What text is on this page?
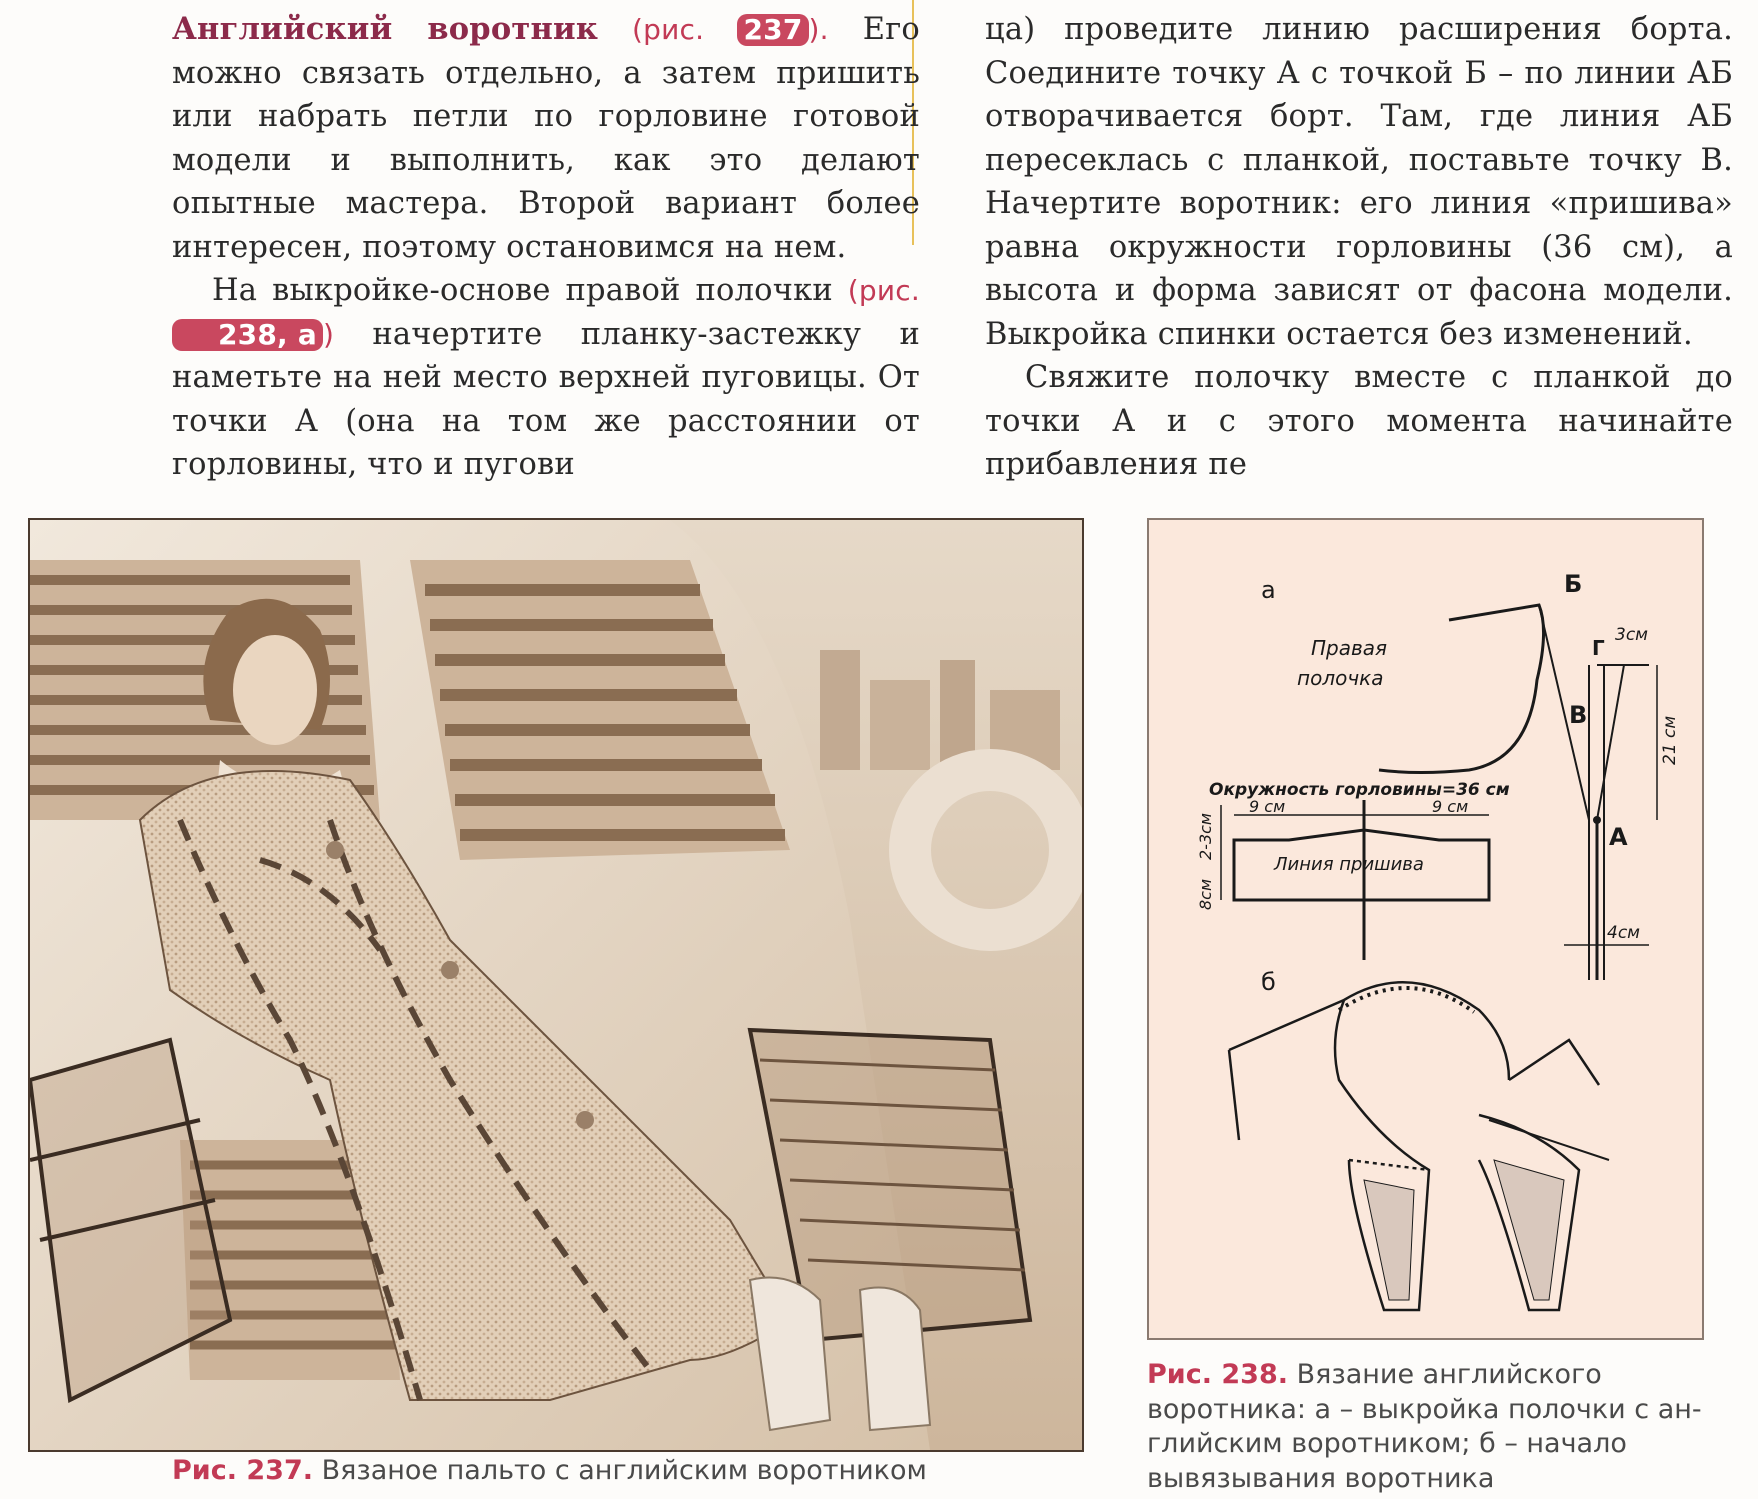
Английский воротник (рис. 237 ). Его можно связать отдельно, а затем пришить или набрать петли по горловине готовой модели и выполнить, как это делают опытные мастера. Второй вариант более интересен, поэтому остановимся на нем.

На выкройке-основе правой полочки (рис. 238, а ) начертите планку-застежку и наметьте на ней место верхней пуговицы. От точки А (она на том же расстоянии от горловины, что и пугови

ца) проведите линию расширения борта. Соедините точку А с точкой Б – по линии АБ отворачивается борт. Там, где линия АБ пересеклась с планкой, поставьте точку В. Начертите воротник: его линия «пришива» равна окружности горловины (36 см), а высота и форма зависят от фасона модели. Выкройка спинки остается без изменений.

Свяжите полочку вместе с планкой до точки А и с этого момента начинайте прибавления пе

Рис. 237. Вязаное пальто с английским воротником
а	Б
Правая
полочка
В
Г
3см
21 см
А
4см
Окружность горловины=36 см
9 см	9 см
Линия пришива
2-3см
8см
б
Рис. 238. Вязание английского воротника: а – выкройка полочки с английским воротником; б – начало вывязывания воротника
